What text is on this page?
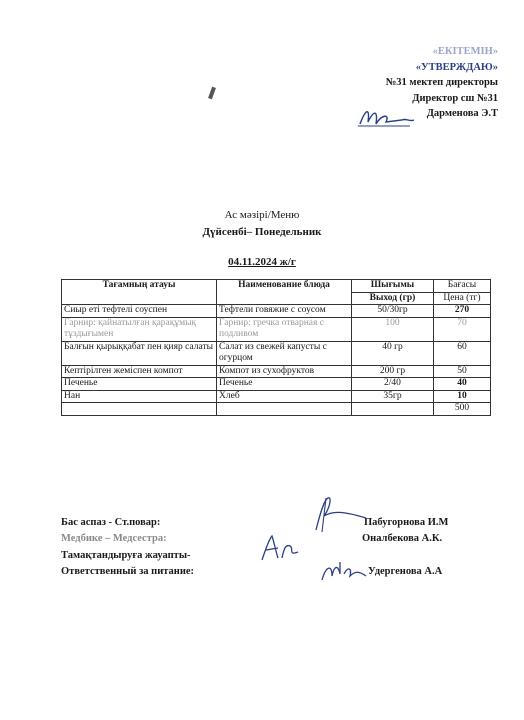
«ЕКІТЕМІН»
«УТВЕРЖДАЮ»
№31 мектеп директоры
Директор сш №31
Дарменова Э.Т
Ас мәзірі/Меню
Дүйсенбі– Понедельник
04.11.2024 ж/г
Тағамның атауы	Наименование блюда	Шығымы	Бағасы
		Выход (гр)	Цена (тг)
Сиыр еті тефтелі соуспен	Тефтели говяжие с соусом	50/30гр	270
Гарнир: қайнатылған қарақұмық тұздығымен	Гарнир: гречка отварная с подливом	100	70
Балғын қырыққабат пен қияр салаты	Салат из свежей капусты с огурцом	40 гр	60
Кептірілген жеміспен компот	Компот из сухофруктов	200 гр	50
Печенье	Печенье	2/40	40
Нан	Хлеб	35гр	10
			500
Бас аспаз - Ст.повар:	Пабугорнова И.М
Медбике – Медсестра:	Оналбекова А.К.
Тамақтандыруға жауапты-
Ответственный за питание:	Удергенова А.А
